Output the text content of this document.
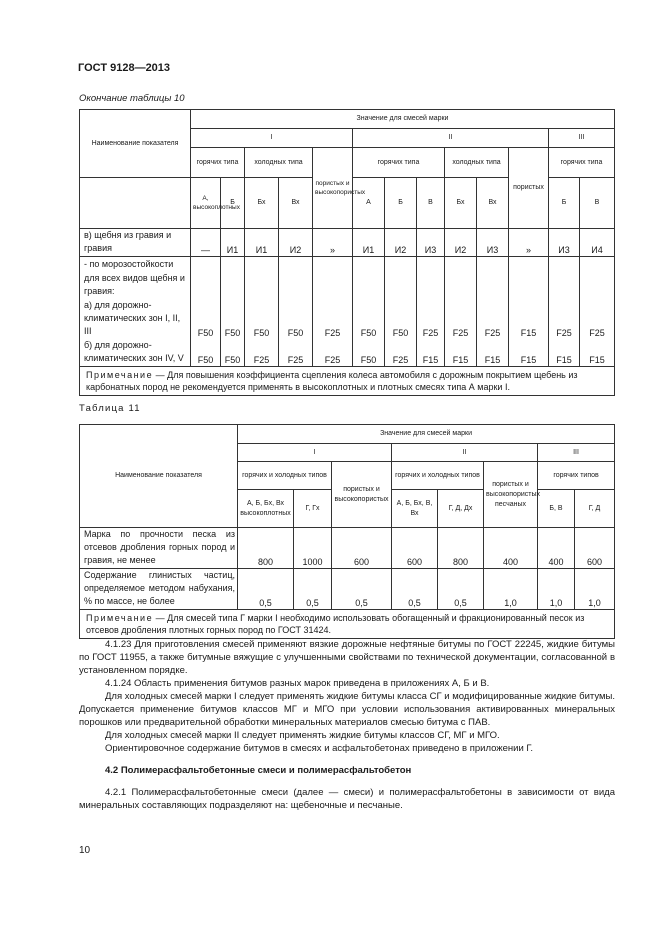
ГОСТ 9128—2013
Окончание таблицы 10
Наименование показателя	Значение для смесей марки												
	I					II						III	
	горячих типа		холодных типа		пористых и высокопористых	горячих типа			холодных типа		пористых	горячих типа	
	А, высокоплотных	Б	Бх	Вх		А	Б	В	Бх	Вх		Б	В
в) щебня из гравия и гравия	—	И1	И1	И2	»	И1	И2	И3	И2	И3	»	И3	И4
- по морозостойкости													
для всех видов щебня и гравия:													
а) для дорожно-климатических зон I, II, III	F50	F50	F50	F50	F25	F50	F50	F25	F25	F25	F15	F25	F25
б) для дорожно-климатических зон IV, V	F50	F50	F25	F25	F25	F50	F25	F15	F15	F15	F15	F15	F15
Примечание — Для повышения коэффициента сцепления колеса автомобиля с дорожным покрытием щебень из карбонатных пород не рекомендуется применять в высокоплотных и плотных смесях типа А марки I.													
Таблица 11
Наименование показателя	Значение для смесей марки							
	I			II			III	
	горячих и холодных типов		пористых и высокопористых	горячих и холодных типов		пористых и высокопористых песчаных	горячих типов	
	А, Б, Бх, Вх высокоплотных	Г, Гх		А, Б, Бх, В, Вх	Г, Д, Дх		Б, В	Г, Д
Марка по прочности песка из отсевов дробления горных пород и гравия, не менее	800	1000	600	600	800	400	400	600
Содержание глинистых частиц, определяемое методом набухания, % по массе, не более	0,5	0,5	0,5	0,5	0,5	1,0	1,0	1,0
Примечание — Для смесей типа Г марки I необходимо использовать обогащенный и фракционированный песок из отсевов дробления плотных горных пород по ГОСТ 31424.								

4.1.23 Для приготовления смесей применяют вязкие дорожные нефтяные битумы по ГОСТ 22245, жидкие битумы по ГОСТ 11955, а также битумные вяжущие с улучшенными свойствами по технической документации, согласованной в установленном порядке.

4.1.24 Область применения битумов разных марок приведена в приложениях А, Б и В.

Для холодных смесей марки I следует применять жидкие битумы класса СГ и модифицированные жидкие битумы. Допускается применение битумов классов МГ и МГО при условии использования активированных минеральных порошков или предварительной обработки минеральных материалов смесью битума с ПАВ.

Для холодных смесей марки II следует применять жидкие битумы классов СГ, МГ и МГО.

Ориентировочное содержание битумов в смесях и асфальтобетонах приведено в приложении Г.

4.2 Полимерасфальтобетонные смеси и полимерасфальтобетон

4.2.1 Полимерасфальтобетонные смеси (далее — смеси) и полимерасфальтобетоны в зависимости от вида минеральных составляющих подразделяют на: щебеночные и песчаные.

10
